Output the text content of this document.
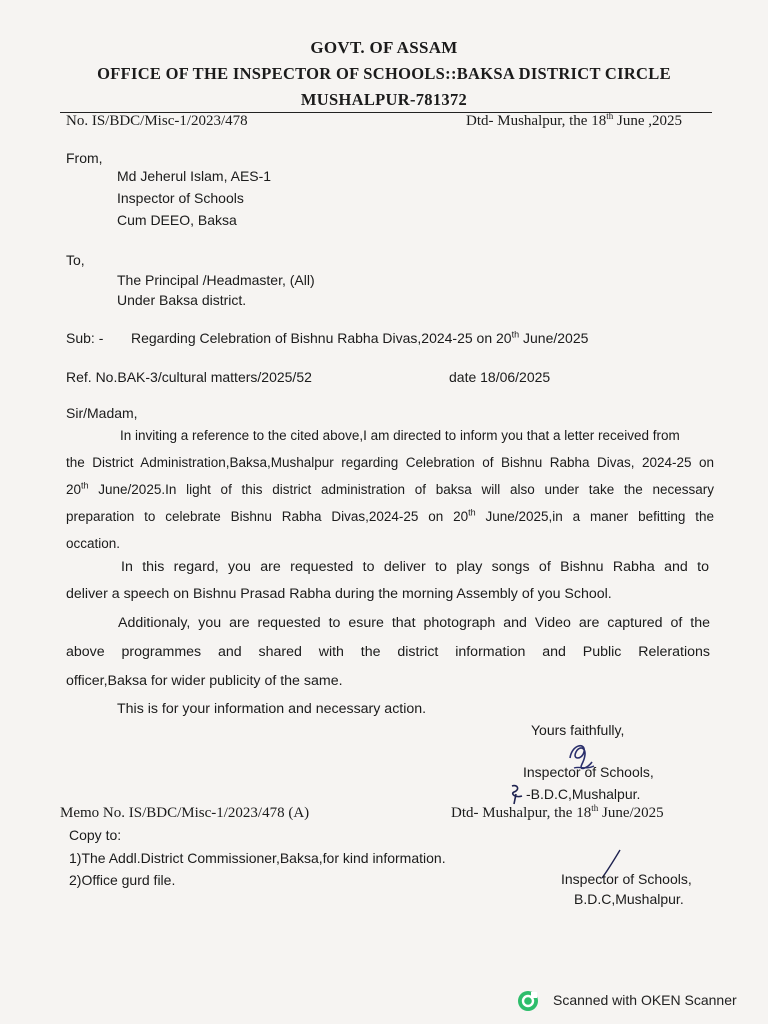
GOVT. OF ASSAM
OFFICE OF THE INSPECTOR OF SCHOOLS::BAKSA DISTRICT CIRCLE
MUSHALPUR-781372
No. IS/BDC/Misc-1/2023/478	Dtd- Mushalpur, the 18th June ,2025
From,
Md Jeherul Islam, AES-1
Inspector of Schools
Cum DEEO, Baksa
To,
The Principal /Headmaster, (All)
Under Baksa district.
Sub: - Regarding Celebration of Bishnu Rabha Divas,2024-25 on 20th June/2025
Ref. No.BAK-3/cultural matters/2025/52	date 18/06/2025
Sir/Madam,
In inviting a reference to the cited above,I am directed to inform you that a letter received from
the District Administration,Baksa,Mushalpur regarding Celebration of Bishnu Rabha Divas, 2024-25 on
20th June/2025.In light of this district administration of baksa will also under take the necessary
preparation to celebrate Bishnu Rabha Divas,2024-25 on 20th June/2025,in a maner befitting the
occation.
In this regard, you are requested to deliver to play songs of Bishnu Rabha and to
deliver a speech on Bishnu Prasad Rabha during the morning Assembly of you School.
Additionaly, you are requested to esure that photograph and Video are captured of the
above programmes and shared with the district information and Public Relerations
officer,Baksa for wider publicity of the same.
This is for your information and necessary action.
Yours faithfully,
Inspector of Schools,
-B.D.C,Mushalpur.
Memo No. IS/BDC/Misc-1/2023/478 (A)	Dtd- Mushalpur, the 18th June/2025
Copy to:
1)The Addl.District Commissioner,Baksa,for kind information.
2)Office gurd file.	Inspector of Schools,
B.D.C,Mushalpur.
Scanned with OKEN Scanner
